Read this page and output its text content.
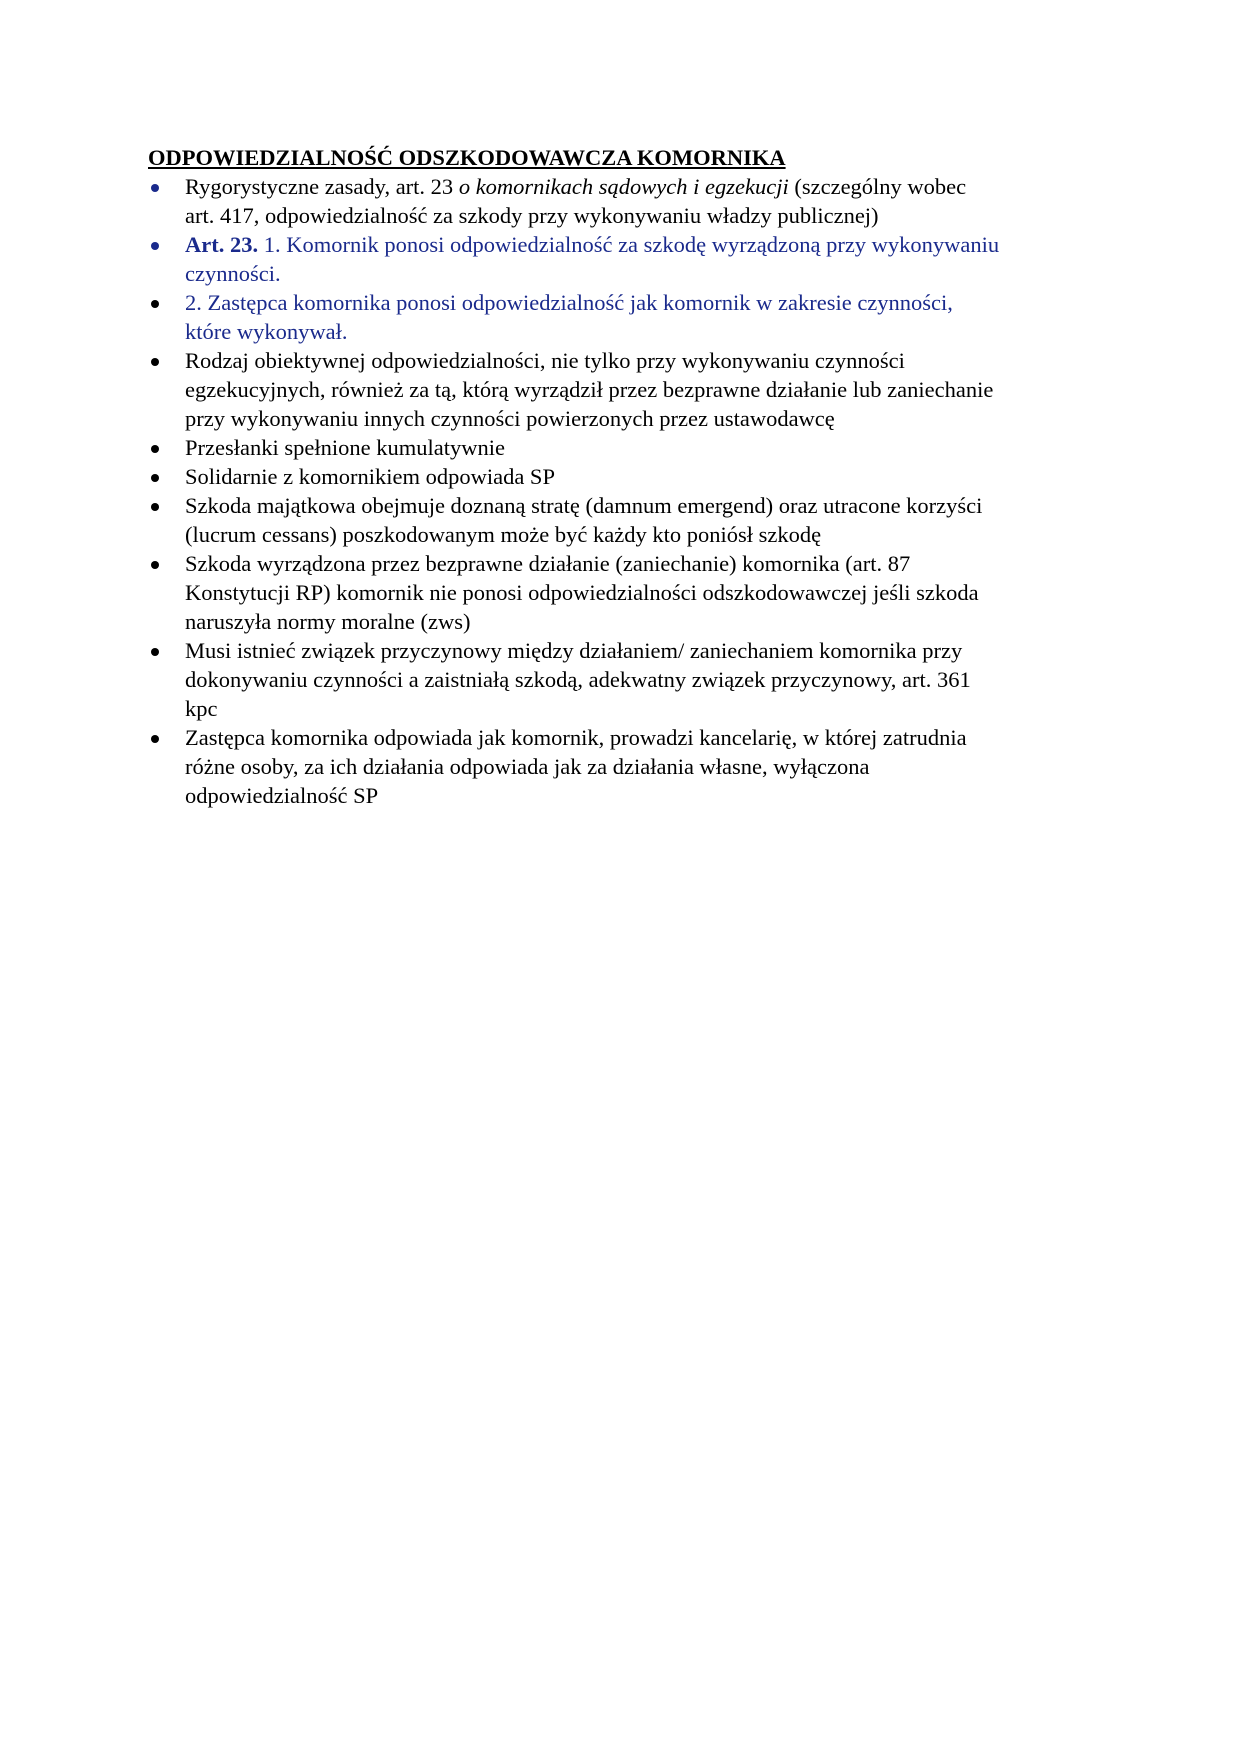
ODPOWIEDZIALNOŚĆ ODSZKODOWAWCZA KOMORNIKA
Rygorystyczne zasady, art. 23 o komornikach sądowych i egzekucji (szczególny wobec
art. 417, odpowiedzialność za szkody przy wykonywaniu władzy publicznej)
Art. 23. 1. Komornik ponosi odpowiedzialność za szkodę wyrządzoną przy wykonywaniu
czynności.
2. Zastępca komornika ponosi odpowiedzialność jak komornik w zakresie czynności,
które wykonywał.
Rodzaj obiektywnej odpowiedzialności, nie tylko przy wykonywaniu czynności
egzekucyjnych, również za tą, którą wyrządził przez bezprawne działanie lub zaniechanie
przy wykonywaniu innych czynności powierzonych przez ustawodawcę
Przesłanki spełnione kumulatywnie
Solidarnie z komornikiem odpowiada SP
Szkoda majątkowa obejmuje doznaną stratę (damnum emergend) oraz utracone korzyści
(lucrum cessans) poszkodowanym może być każdy kto poniósł szkodę
Szkoda wyrządzona przez bezprawne działanie (zaniechanie) komornika (art. 87
Konstytucji RP) komornik nie ponosi odpowiedzialności odszkodowawczej jeśli szkoda
naruszyła normy moralne (zws)
Musi istnieć związek przyczynowy między działaniem/ zaniechaniem komornika przy
dokonywaniu czynności a zaistniałą szkodą, adekwatny związek przyczynowy, art. 361
kpc
Zastępca komornika odpowiada jak komornik, prowadzi kancelarię, w której zatrudnia
różne osoby, za ich działania odpowiada jak za działania własne, wyłączona
odpowiedzialność SP
